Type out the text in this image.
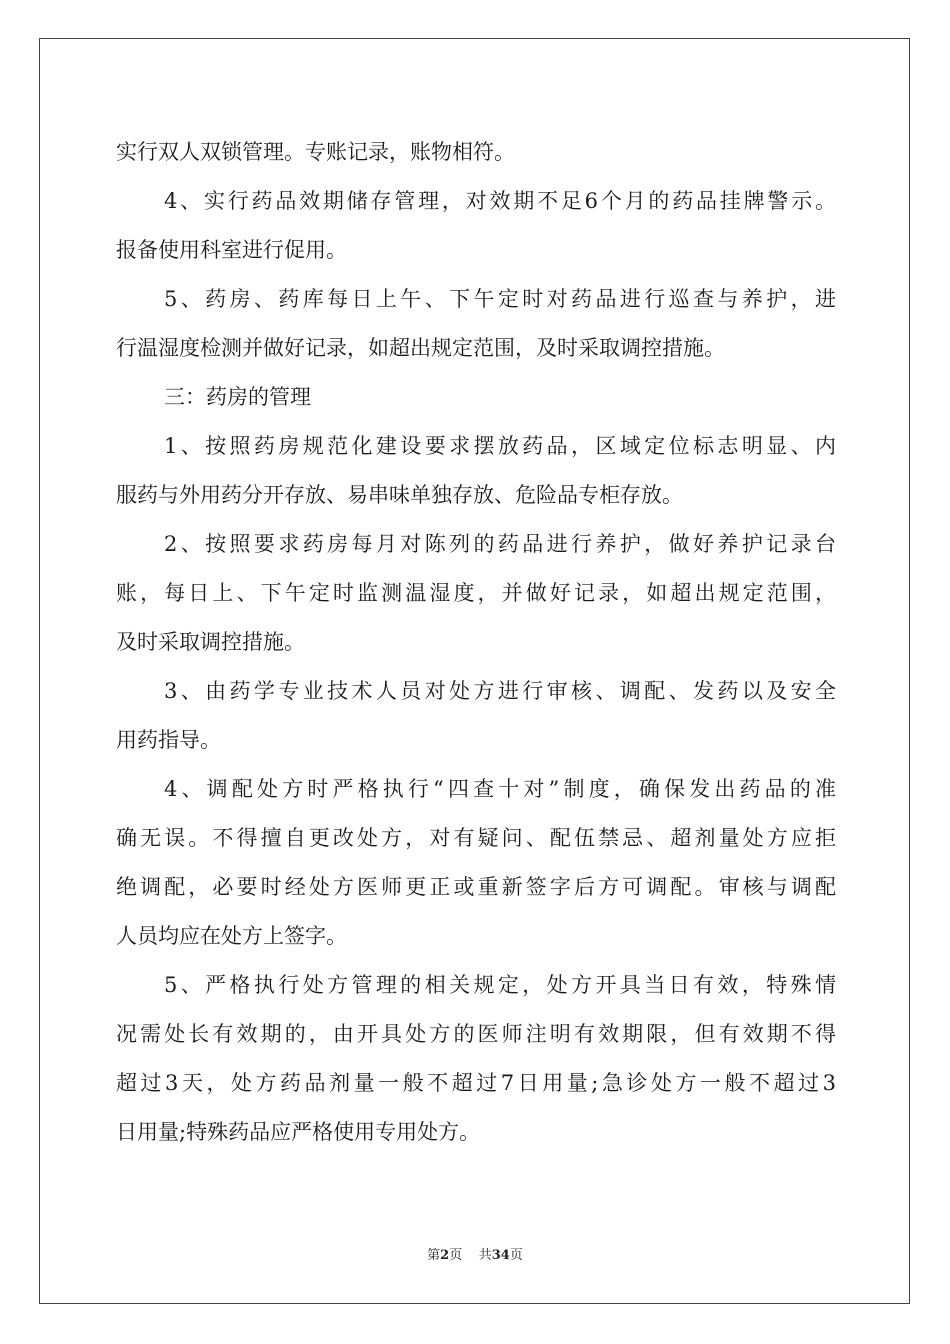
实行双人双锁管理。专账记录，账物相符。
4、实行药品效期储存管理，对效期不足6个月的药品挂牌警示。
报备使用科室进行促用。
5、药房、药库每日上午、下午定时对药品进行巡查与养护，进
行温湿度检测并做好记录，如超出规定范围，及时采取调控措施。
三：药房的管理
1、按照药房规范化建设要求摆放药品，区域定位标志明显、内
服药与外用药分开存放、易串味单独存放、危险品专柜存放。
2、按照要求药房每月对陈列的药品进行养护，做好养护记录台
账，每日上、下午定时监测温湿度，并做好记录，如超出规定范围，
及时采取调控措施。
3、由药学专业技术人员对处方进行审核、调配、发药以及安全
用药指导。
4、调配处方时严格执行“四查十对”制度，确保发出药品的准
确无误。不得擅自更改处方，对有疑问、配伍禁忌、超剂量处方应拒
绝调配，必要时经处方医师更正或重新签字后方可调配。审核与调配
人员均应在处方上签字。
5、严格执行处方管理的相关规定，处方开具当日有效，特殊情
况需处长有效期的，由开具处方的医师注明有效期限，但有效期不得
超过3天，处方药品剂量一般不超过7日用量;急诊处方一般不超过3
日用量;特殊药品应严格使用专用处方。
第2页 共34页
